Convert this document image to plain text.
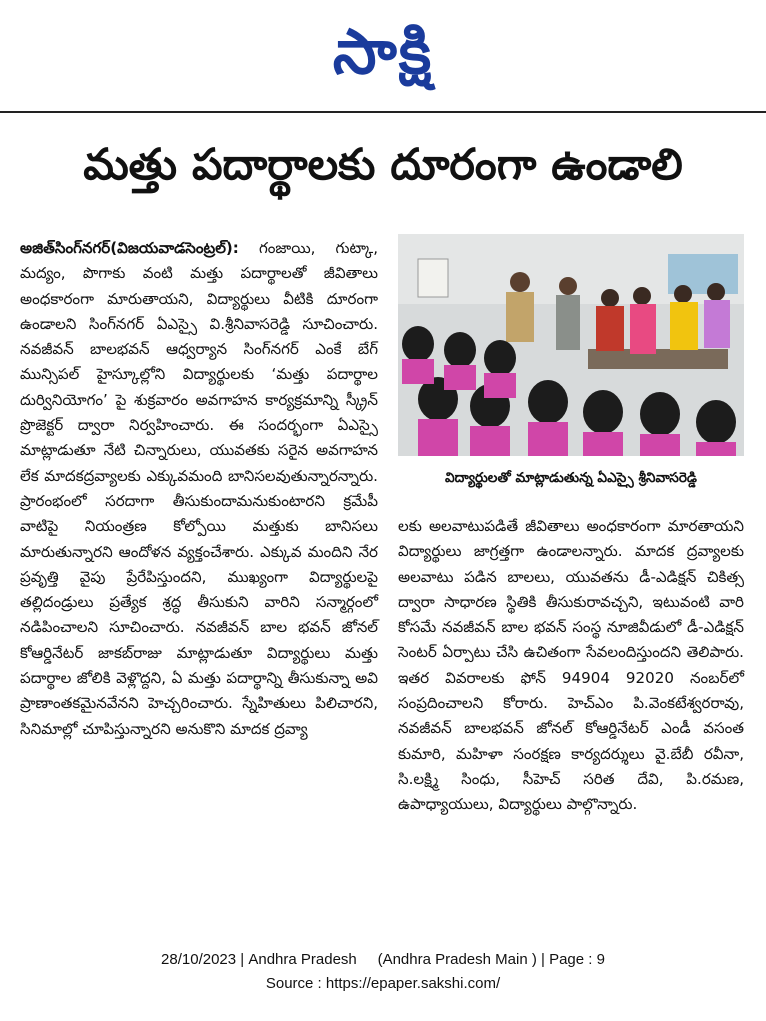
సాక్షి
మత్తు పదార్థాలకు దూరంగా ఉండాలి

అజిత్‌సింగ్‌నగర్‌(విజయవాడసెంట్రల్‌): గంజాయి, గుట్కా, మద్యం, పొగాకు వంటి మత్తు పదార్థాలతో జీవితాలు అంధకారంగా మారుతాయని, విద్యార్థులు వీటికి దూరంగా ఉండాలని సింగ్‌నగర్‌ ఏఎస్సై వి.శ్రీనివాసరెడ్డి సూచించారు. నవజీవన్‌ బాలభవన్‌ ఆధ్వర్యాన సింగ్‌నగర్‌ ఎంకే బేగ్‌ మున్సిపల్‌ హైస్కూల్లోని విద్యార్థులకు ‘మత్తు పదార్థాల దుర్వినియోగం’ పై శుక్రవారం అవగాహన కార్యక్రమాన్ని స్క్రీన్‌ ప్రొజెక్టర్‌ ద్వారా నిర్వహించారు. ఈ సందర్భంగా ఏఎస్సై మాట్లాడుతూ నేటి చిన్నారులు, యువతకు సరైన అవగాహన లేక మాదకద్రవ్యాలకు ఎక్కువమంది బానిసలవుతున్నారన్నారు. ప్రారంభంలో సరదాగా తీసుకుందామనుకుంటారని క్రమేపీ వాటిపై నియంత్రణ కోల్పోయి మత్తుకు బానిసలు మారుతున్నారని ఆందోళన వ్యక్తంచేశారు. ఎక్కువ మందిని నేర ప్రవృత్తి వైపు ప్రేరేపిస్తుందని, ముఖ్యంగా విద్యార్థులపై తల్లిదండ్రులు ప్రత్యేక శ్రద్ధ తీసుకుని వారిని సన్మార్గంలో నడిపించాలని సూచించారు. నవజీవన్‌ బాల భవన్‌ జోనల్‌ కోఆర్డినేటర్‌ జాకబ్‌రాజు మాట్లాడుతూ విద్యార్థులు మత్తు పదార్థాల జోలికి వెళ్లొద్దని, ఏ మత్తు పదార్థాన్ని తీసుకున్నా అవి ప్రాణాంతకమైనవేనని హెచ్చరించారు. స్నేహితులు పిలిచారని, సినిమాల్లో చూపిస్తున్నారని అనుకొని మాదక ద్రవ్యా

విద్యార్థులతో మాట్లాడుతున్న ఏఎస్సై శ్రీనివాసరెడ్డి

లకు అలవాటుపడితే జీవితాలు అంధకారంగా మారతాయని విద్యార్థులు జాగ్రత్తగా ఉండాలన్నారు. మాదక ద్రవ్యాలకు అలవాటు పడిన బాలలు, యువతను డీ-ఎడిక్షన్‌ చికిత్స ద్వారా సాధారణ స్థితికి తీసుకురావచ్చని, ఇటువంటి వారి కోసమే నవజీవన్‌ బాల భవన్‌ సంస్థ నూజివీడులో డీ-ఎడిక్షన్‌ సెంటర్‌ ఏర్పాటు చేసి ఉచితంగా సేవలందిస్తుందని తెలిపారు. ఇతర వివరాలకు ఫోన్‌ 94904 92020 నంబర్‌లో సంప్రదించాలని కోరారు. హెచ్‌ఎం పి.వెంకటేశ్వరరావు, నవజీవన్‌ బాలభవన్‌ జోనల్‌ కోఆర్డినేటర్‌ ఎండీ వసంత కుమారి, మహిళా సంరక్షణ కార్యదర్శులు వై.బేబీ రవీనా, సి.లక్ష్మి సింధు, సీహెచ్‌ సరిత దేవి, పి.రమణ, ఉపాధ్యాయులు, విద్యార్థులు పాల్గొన్నారు.

28/10/2023 | Andhra Pradesh
(Andhra Pradesh Main ) | Page : 9
Source : https://epaper.sakshi.com/
